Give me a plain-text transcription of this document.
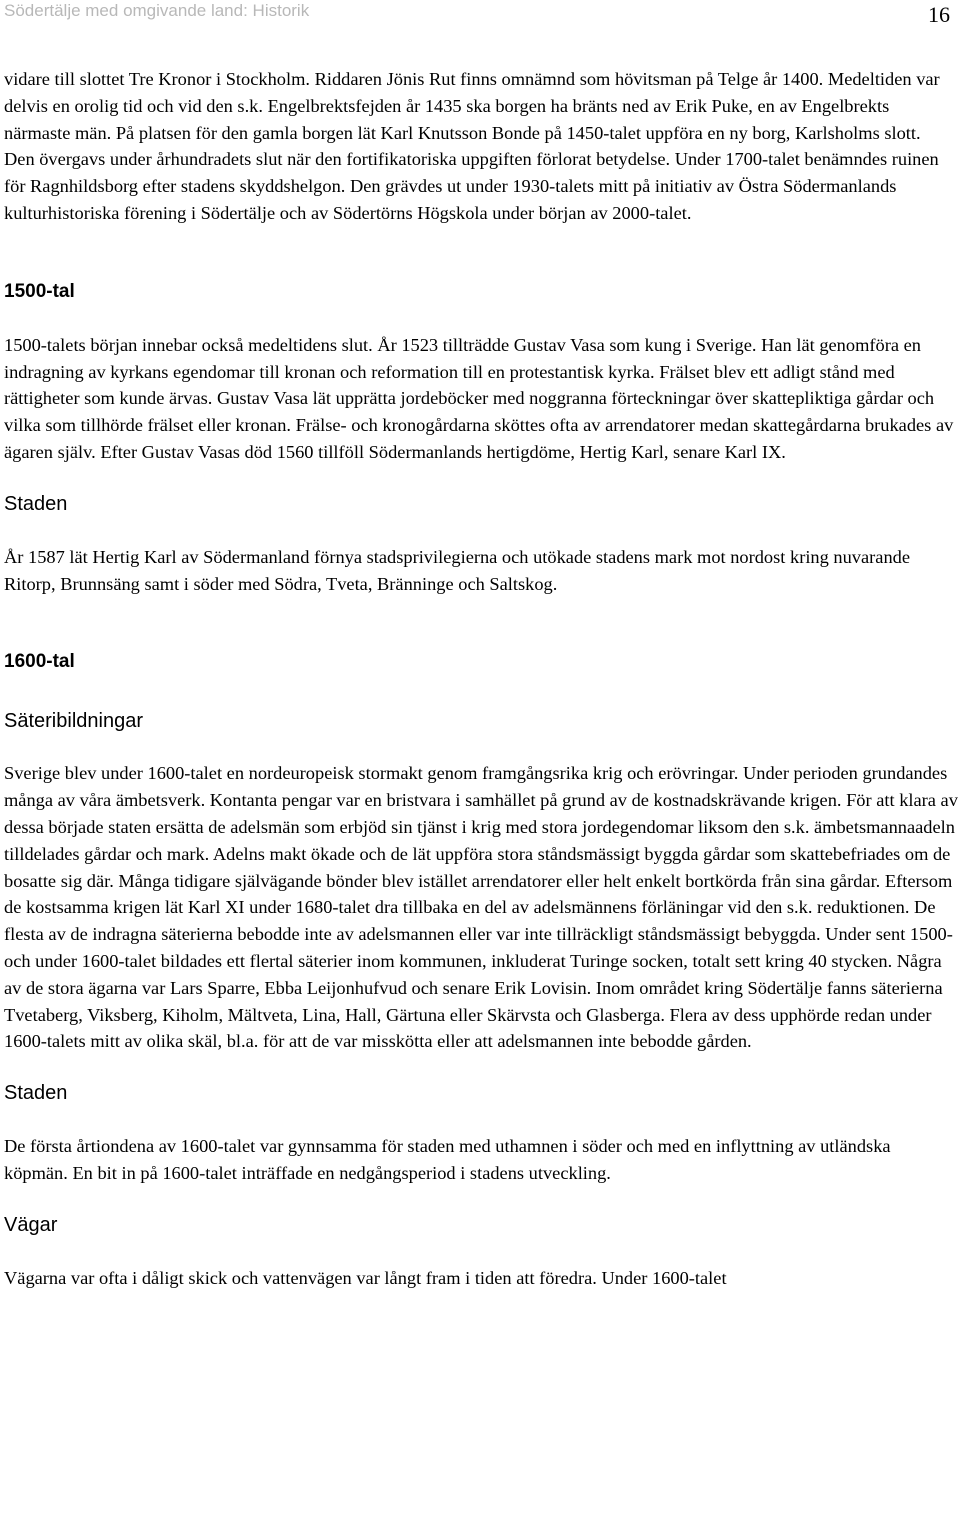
Södertälje med omgivande land: Historik	16

vidare till slottet Tre Kronor i Stockholm. Riddaren Jönis Rut finns omnämnd som hövitsman på Telge år 1400. Medeltiden var delvis en orolig tid och vid den s.k. Engelbrektsfejden år 1435 ska borgen ha bränts ned av Erik Puke, en av Engelbrekts närmaste män. På platsen för den gamla borgen lät Karl Knutsson Bonde på 1450-talet uppföra en ny borg, Karlsholms slott. Den övergavs under århundradets slut när den fortifikatoriska uppgiften förlorat betydelse. Under 1700-talet benämndes ruinen för Ragnhildsborg efter stadens skyddshelgon. Den grävdes ut under 1930-talets mitt på initiativ av Östra Södermanlands kulturhistoriska förening i Södertälje och av Södertörns Högskola under början av 2000-talet.

1500-tal

1500-talets början innebar också medeltidens slut. År 1523 tillträdde Gustav Vasa som kung i Sverige. Han lät genomföra en indragning av kyrkans egendomar till kronan och reformation till en protestantisk kyrka. Frälset blev ett adligt stånd med rättigheter som kunde ärvas. Gustav Vasa lät upprätta jordeböcker med noggranna förteckningar över skattepliktiga gårdar och vilka som tillhörde frälset eller kronan. Frälse- och kronogårdarna sköttes ofta av arrendatorer medan skattegårdarna brukades av ägaren själv. Efter Gustav Vasas död 1560 tillföll Södermanlands hertigdöme, Hertig Karl, senare Karl IX.

Staden

År 1587 lät Hertig Karl av Södermanland förnya stadsprivilegierna och utökade stadens mark mot nordost kring nuvarande Ritorp, Brunnsäng samt i söder med Södra, Tveta, Bränninge och Saltskog.

1600-tal
Säteribildningar

Sverige blev under 1600-talet en nordeuropeisk stormakt genom framgångsrika krig och erövringar. Under perioden grundandes många av våra ämbetsverk. Kontanta pengar var en bristvara i samhället på grund av de kostnadskrävande krigen. För att klara av dessa började staten ersätta de adelsmän som erbjöd sin tjänst i krig med stora jordegendomar liksom den s.k. ämbetsmannaadeln tilldelades gårdar och mark. Adelns makt ökade och de lät uppföra stora ståndsmässigt byggda gårdar som skattebefriades om de bosatte sig där. Många tidigare självägande bönder blev istället arrendatorer eller helt enkelt bortkörda från sina gårdar. Eftersom de kostsamma krigen lät Karl XI under 1680-talet dra tillbaka en del av adelsmännens förläningar vid den s.k. reduktionen. De flesta av de indragna säterierna bebodde inte av adelsmannen eller var inte tillräckligt ståndsmässigt bebyggda. Under sent 1500- och under 1600-talet bildades ett flertal säterier inom kommunen, inkluderat Turinge socken, totalt sett kring 40 stycken. Några av de stora ägarna var Lars Sparre, Ebba Leijonhufvud och senare Erik Lovisin. Inom området kring Södertälje fanns säterierna Tvetaberg, Viksberg, Kiholm, Mältveta, Lina, Hall, Gärtuna eller Skärvsta och Glasberga. Flera av dess upphörde redan under 1600-talets mitt av olika skäl, bl.a. för att de var misskötta eller att adelsmannen inte bebodde gården.

Staden

De första årtiondena av 1600-talet var gynnsamma för staden med uthamnen i söder och med en inflyttning av utländska köpmän. En bit in på 1600-talet inträffade en nedgångsperiod i stadens utveckling.

Vägar

Vägarna var ofta i dåligt skick och vattenvägen var långt fram i tiden att föredra. Under 1600-talet
